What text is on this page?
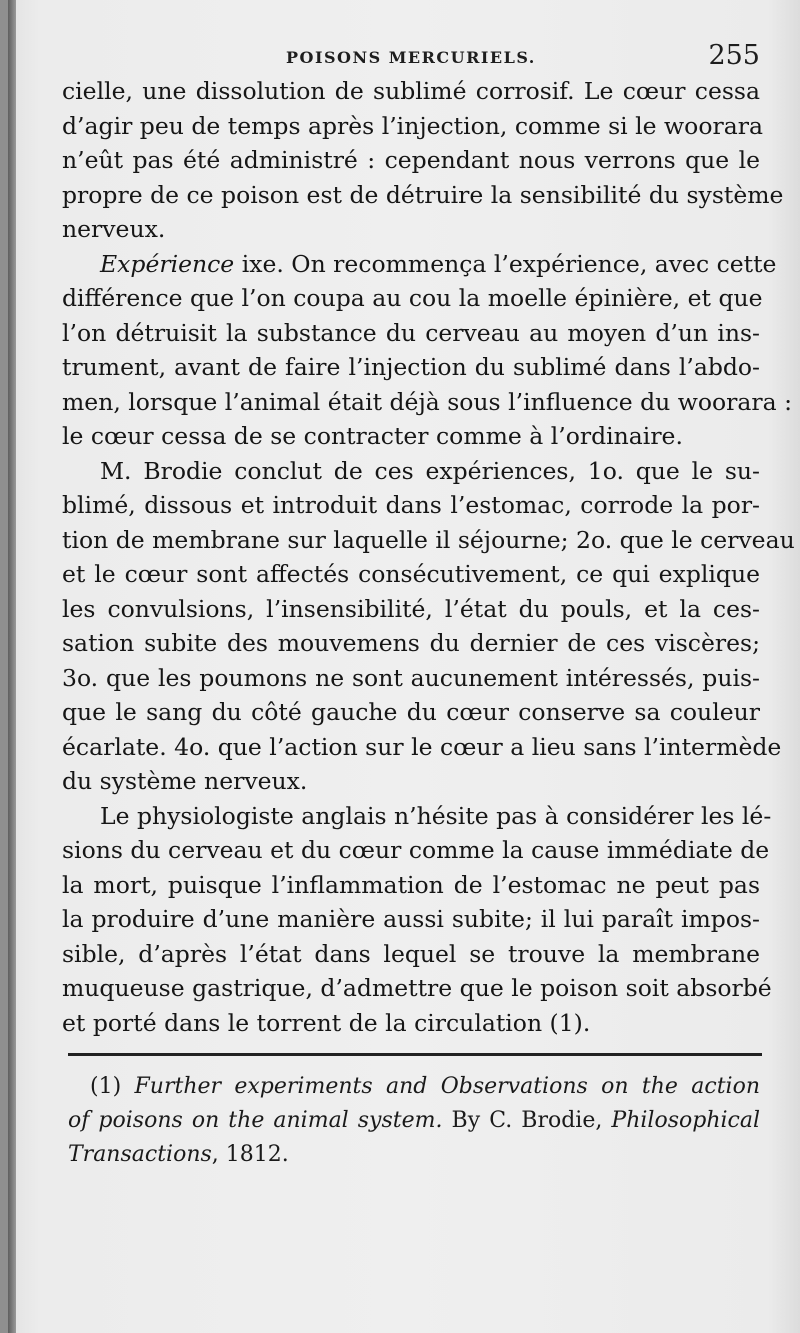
POISONS MERCURIELS.	255
cielle, une dissolution de sublimé corrosif. Le cœur cessa
d’agir peu de temps après l’injection, comme si le woorara
n’eût pas été administré : cependant nous verrons que le
propre de ce poison est de détruire la sensibilité du système
nerveux.
Expérience ixe. On recommença l’expérience, avec cette
différence que l’on coupa au cou la moelle épinière, et que
l’on détruisit la substance du cerveau au moyen d’un ins-
trument, avant de faire l’injection du sublimé dans l’abdo-
men, lorsque l’animal était déjà sous l’influence du woorara :
le cœur cessa de se contracter comme à l’ordinaire.
M. Brodie conclut de ces expériences, 1o. que le su-
blimé, dissous et introduit dans l’estomac, corrode la por-
tion de membrane sur laquelle il séjourne; 2o. que le cerveau
et le cœur sont affectés consécutivement, ce qui explique
les convulsions, l’insensibilité, l’état du pouls, et la ces-
sation subite des mouvemens du dernier de ces viscères;
3o. que les poumons ne sont aucunement intéressés, puis-
que le sang du côté gauche du cœur conserve sa couleur
écarlate. 4o. que l’action sur le cœur a lieu sans l’intermède
du système nerveux.
Le physiologiste anglais n’hésite pas à considérer les lé-
sions du cerveau et du cœur comme la cause immédiate de
la mort, puisque l’inflammation de l’estomac ne peut pas
la produire d’une manière aussi subite; il lui paraît impos-
sible, d’après l’état dans lequel se trouve la membrane
muqueuse gastrique, d’admettre que le poison soit absorbé
et porté dans le torrent de la circulation (1).
(1) Further experiments and Observations on the action
of poisons on the animal system. By C. Brodie, Philosophical
Transactions, 1812.
